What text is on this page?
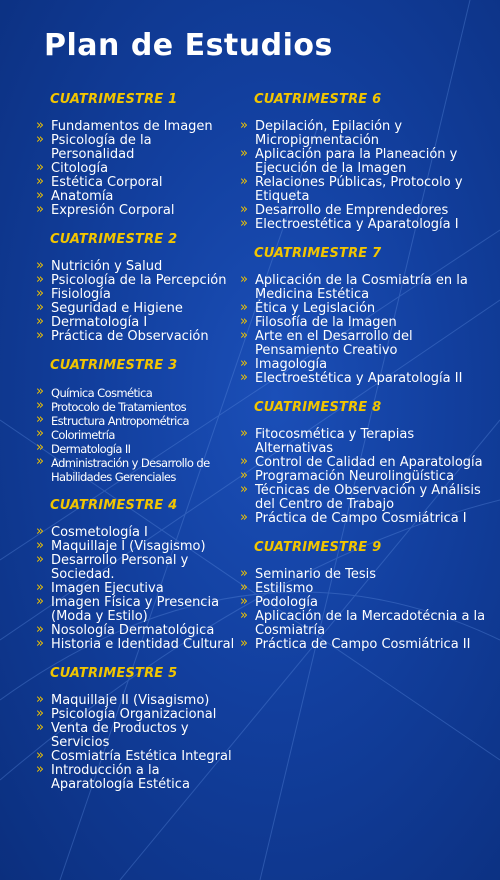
Plan de Estudios
CUATRIMESTRE 1
» Fundamentos de Imagen
» Psicología de la Personalidad
» Citología
» Estética Corporal
» Anatomía
» Expresión Corporal
CUATRIMESTRE 2
» Nutrición y Salud
» Psicología de la Percepción
» Fisiología
» Seguridad e Higiene
» Dermatología I
» Práctica de Observación
CUATRIMESTRE 3
» Química Cosmética
» Protocolo de Tratamientos
» Estructura Antropométrica
» Colorimetría
» Dermatología II
» Administración y Desarrollo de Habilidades Gerenciales
CUATRIMESTRE 4
» Cosmetología I
» Maquillaje I (Visagismo)
» Desarrollo Personal y Sociedad.
» Imagen Ejecutiva
» Imagen Física y Presencia (Moda y Estilo)
» Nosología Dermatológica
» Historia e Identidad Cultural
CUATRIMESTRE 5
» Maquillaje II (Visagismo)
» Psicología Organizacional
» Venta de Productos y Servicios
» Cosmiatría Estética Integral
» Introducción a la Aparatología Estética
CUATRIMESTRE 6
» Depilación, Epilación y Micropigmentación
» Aplicación para la Planeación y Ejecución de la Imagen
» Relaciones Públicas, Protocolo y Etiqueta
» Desarrollo de Emprendedores
» Electroestética y Aparatología I
CUATRIMESTRE 7
» Aplicación de la Cosmiatría en la Medicina Estética
» Ética y Legislación
» Filosofía de la Imagen
» Arte en el Desarrollo del Pensamiento Creativo
» Imagología
» Electroestética y Aparatología II
CUATRIMESTRE 8
» Fitocosmética y Terapias Alternativas
» Control de Calidad en Aparatología
» Programación Neurolingüística
» Técnicas de Observación y Análisis del Centro de Trabajo
» Práctica de Campo Cosmiátrica I
CUATRIMESTRE 9
» Seminario de Tesis
» Estilismo
» Podología
» Aplicación de la Mercadotécnia a la Cosmiatría
» Práctica de Campo Cosmiátrica II
